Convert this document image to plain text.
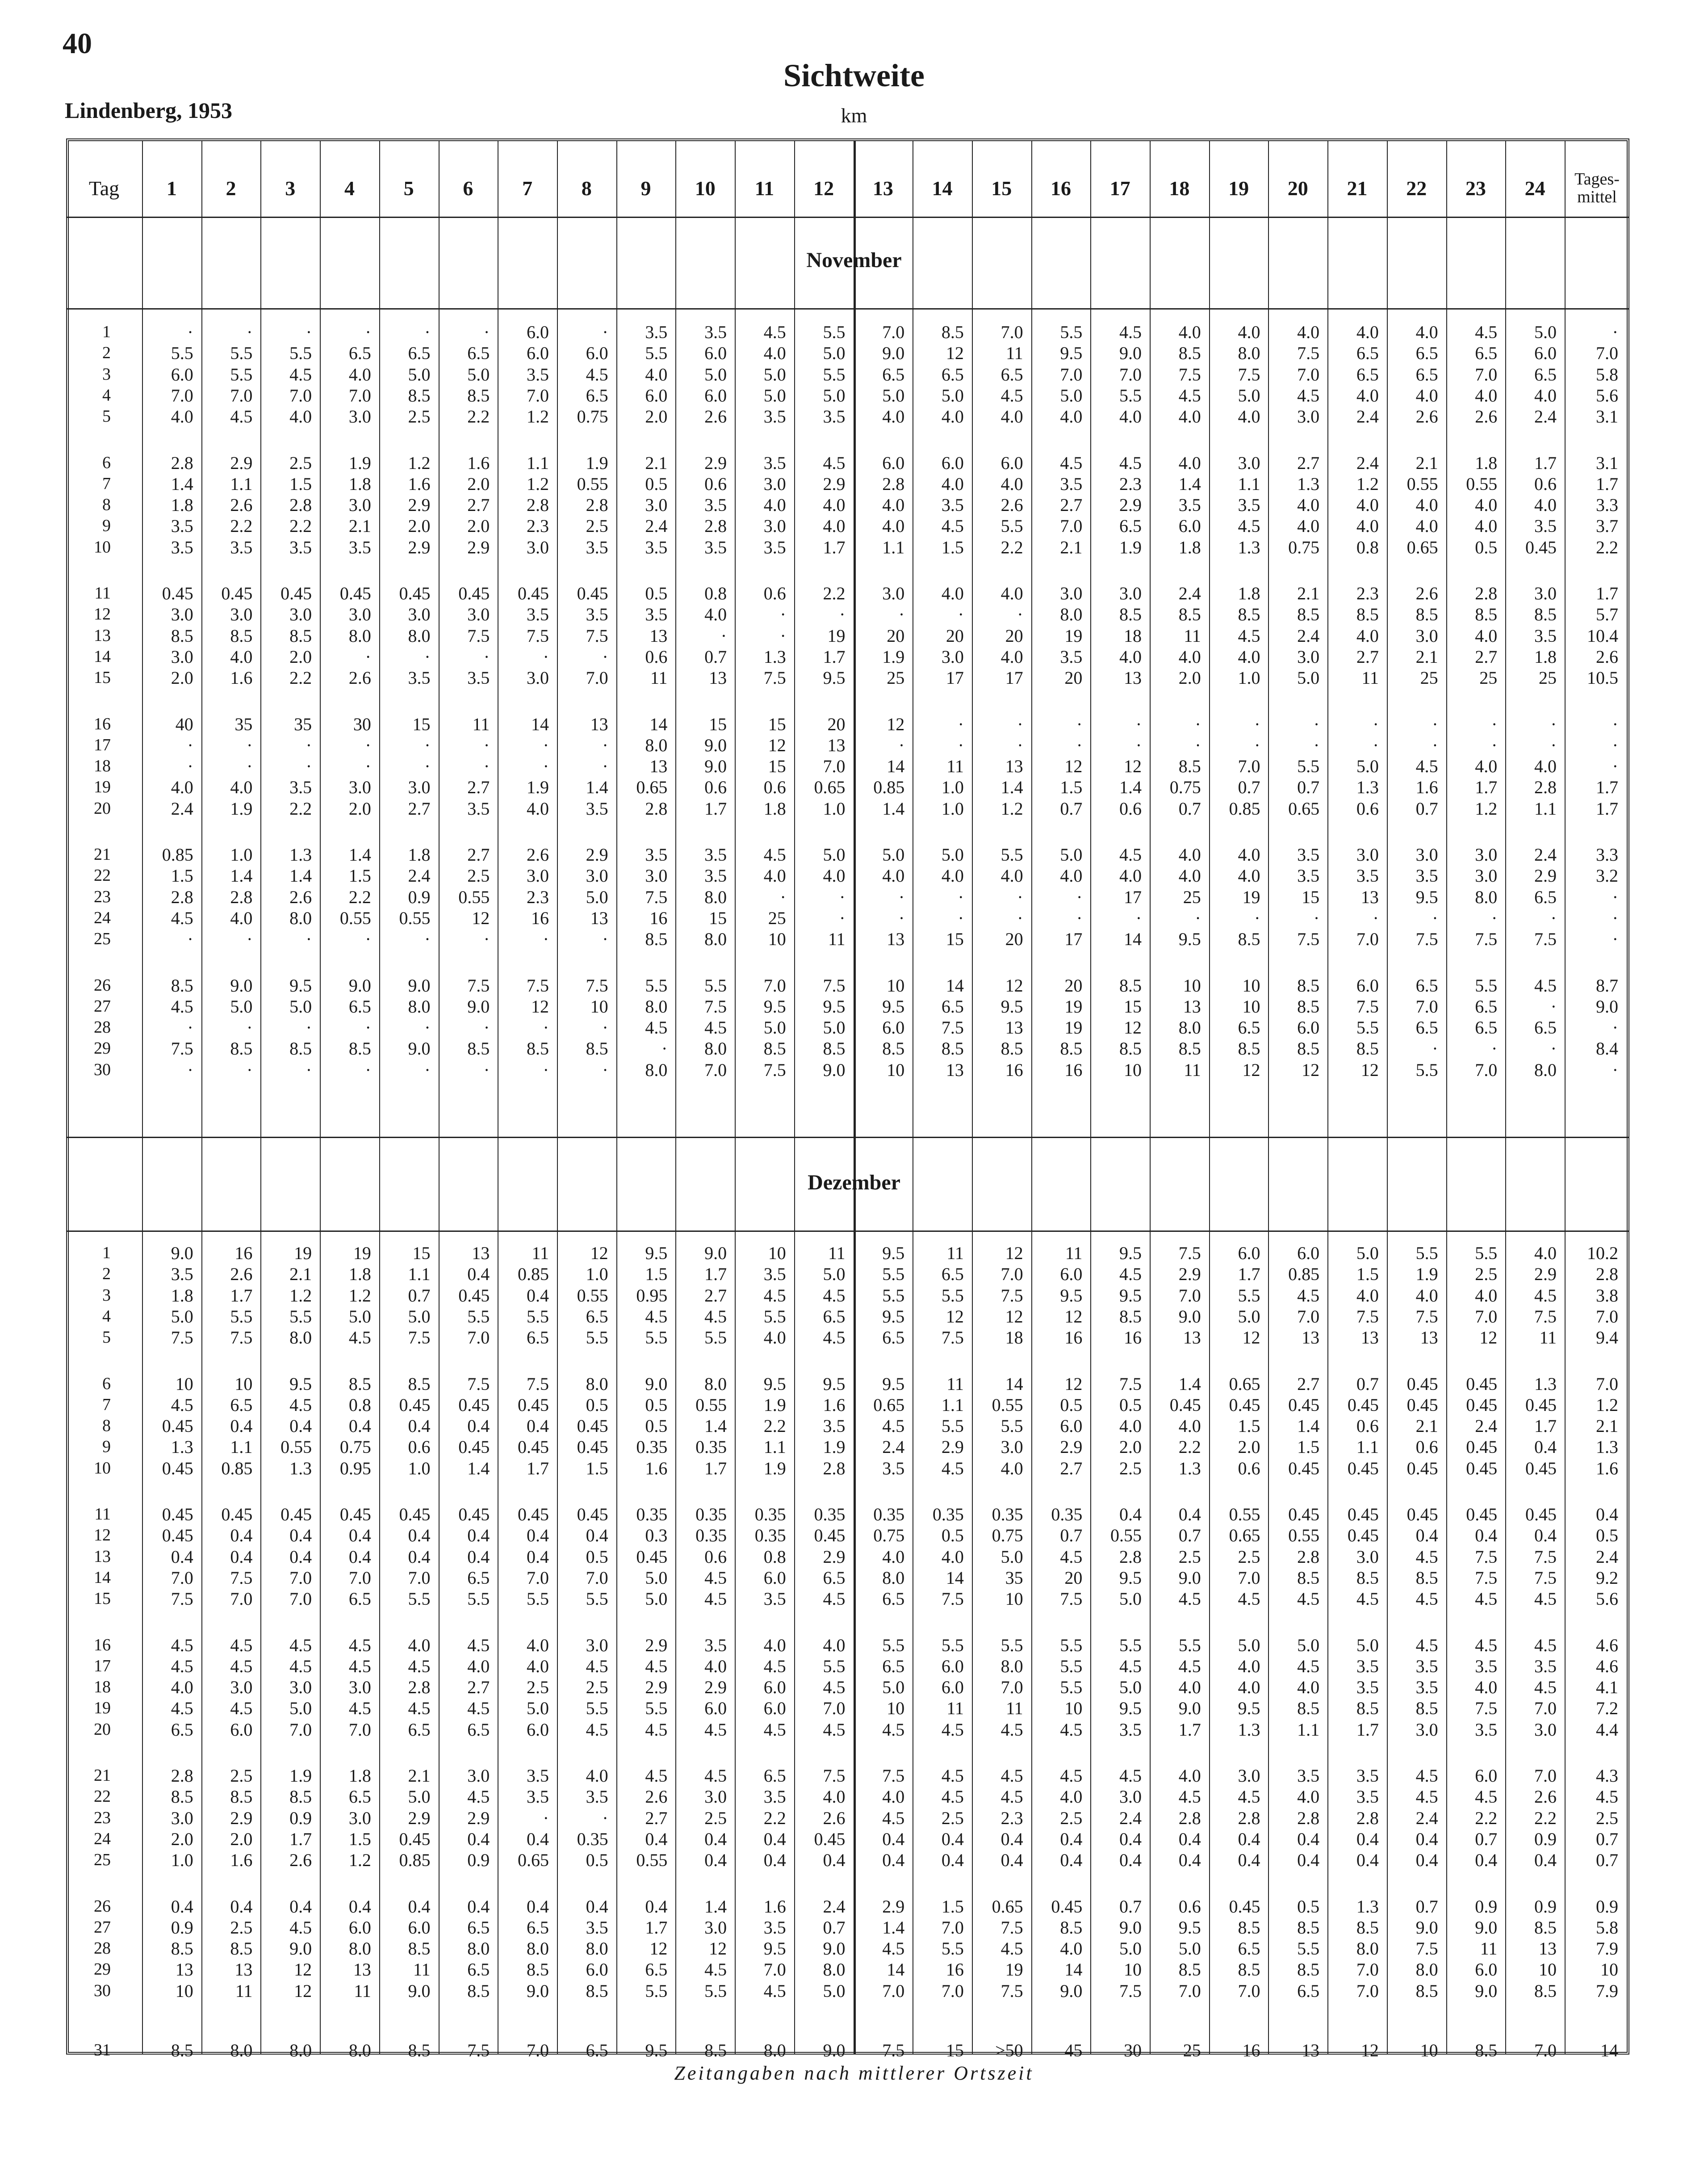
40
Sichtweite
Lindenberg, 1953	km
Zeitangaben nach mittlerer Ortszeit
Tag	1	2	3	4	5	6	7	8	9	10	11	12	13	14	15	16	17	18	19	20	21	22	23	24	Tages-
mittel
November
1	·	·	·	·	·	·	6.0	·	3.5	3.5	4.5	5.5	7.0	8.5	7.0	5.5	4.5	4.0	4.0	4.0	4.0	4.0	4.5	5.0	·
2	5.5	5.5	5.5	6.5	6.5	6.5	6.0	6.0	5.5	6.0	4.0	5.0	9.0	12	11	9.5	9.0	8.5	8.0	7.5	6.5	6.5	6.5	6.0	7.0
3	6.0	5.5	4.5	4.0	5.0	5.0	3.5	4.5	4.0	5.0	5.0	5.5	6.5	6.5	6.5	7.0	7.0	7.5	7.5	7.0	6.5	6.5	7.0	6.5	5.8
4	7.0	7.0	7.0	7.0	8.5	8.5	7.0	6.5	6.0	6.0	5.0	5.0	5.0	5.0	4.5	5.0	5.5	4.5	5.0	4.5	4.0	4.0	4.0	4.0	5.6
5	4.0	4.5	4.0	3.0	2.5	2.2	1.2	0.75	2.0	2.6	3.5	3.5	4.0	4.0	4.0	4.0	4.0	4.0	4.0	3.0	2.4	2.6	2.6	2.4	3.1
6	2.8	2.9	2.5	1.9	1.2	1.6	1.1	1.9	2.1	2.9	3.5	4.5	6.0	6.0	6.0	4.5	4.5	4.0	3.0	2.7	2.4	2.1	1.8	1.7	3.1
7	1.4	1.1	1.5	1.8	1.6	2.0	1.2	0.55	0.5	0.6	3.0	2.9	2.8	4.0	4.0	3.5	2.3	1.4	1.1	1.3	1.2	0.55	0.55	0.6	1.7
8	1.8	2.6	2.8	3.0	2.9	2.7	2.8	2.8	3.0	3.5	4.0	4.0	4.0	3.5	2.6	2.7	2.9	3.5	3.5	4.0	4.0	4.0	4.0	4.0	3.3
9	3.5	2.2	2.2	2.1	2.0	2.0	2.3	2.5	2.4	2.8	3.0	4.0	4.0	4.5	5.5	7.0	6.5	6.0	4.5	4.0	4.0	4.0	4.0	3.5	3.7
10	3.5	3.5	3.5	3.5	2.9	2.9	3.0	3.5	3.5	3.5	3.5	1.7	1.1	1.5	2.2	2.1	1.9	1.8	1.3	0.75	0.8	0.65	0.5	0.45	2.2
11	0.45	0.45	0.45	0.45	0.45	0.45	0.45	0.45	0.5	0.8	0.6	2.2	3.0	4.0	4.0	3.0	3.0	2.4	1.8	2.1	2.3	2.6	2.8	3.0	1.7
12	3.0	3.0	3.0	3.0	3.0	3.0	3.5	3.5	3.5	4.0	·	·	·	·	·	8.0	8.5	8.5	8.5	8.5	8.5	8.5	8.5	8.5	5.7
13	8.5	8.5	8.5	8.0	8.0	7.5	7.5	7.5	13	·	·	19	20	20	20	19	18	11	4.5	2.4	4.0	3.0	4.0	3.5	10.4
14	3.0	4.0	2.0	·	·	·	·	·	0.6	0.7	1.3	1.7	1.9	3.0	4.0	3.5	4.0	4.0	4.0	3.0	2.7	2.1	2.7	1.8	2.6
15	2.0	1.6	2.2	2.6	3.5	3.5	3.0	7.0	11	13	7.5	9.5	25	17	17	20	13	2.0	1.0	5.0	11	25	25	25	10.5
16	40	35	35	30	15	11	14	13	14	15	15	20	12	·	·	·	·	·	·	·	·	·	·	·	·
17	·	·	·	·	·	·	·	·	8.0	9.0	12	13	·	·	·	·	·	·	·	·	·	·	·	·	·
18	·	·	·	·	·	·	·	·	13	9.0	15	7.0	14	11	13	12	12	8.5	7.0	5.5	5.0	4.5	4.0	4.0	·
19	4.0	4.0	3.5	3.0	3.0	2.7	1.9	1.4	0.65	0.6	0.6	0.65	0.85	1.0	1.4	1.5	1.4	0.75	0.7	0.7	1.3	1.6	1.7	2.8	1.7
20	2.4	1.9	2.2	2.0	2.7	3.5	4.0	3.5	2.8	1.7	1.8	1.0	1.4	1.0	1.2	0.7	0.6	0.7	0.85	0.65	0.6	0.7	1.2	1.1	1.7
21	0.85	1.0	1.3	1.4	1.8	2.7	2.6	2.9	3.5	3.5	4.5	5.0	5.0	5.0	5.5	5.0	4.5	4.0	4.0	3.5	3.0	3.0	3.0	2.4	3.3
22	1.5	1.4	1.4	1.5	2.4	2.5	3.0	3.0	3.0	3.5	4.0	4.0	4.0	4.0	4.0	4.0	4.0	4.0	4.0	3.5	3.5	3.5	3.0	2.9	3.2
23	2.8	2.8	2.6	2.2	0.9	0.55	2.3	5.0	7.5	8.0	·	·	·	·	·	·	17	25	19	15	13	9.5	8.0	6.5	·
24	4.5	4.0	8.0	0.55	0.55	12	16	13	16	15	25	·	·	·	·	·	·	·	·	·	·	·	·	·	·
25	·	·	·	·	·	·	·	·	8.5	8.0	10	11	13	15	20	17	14	9.5	8.5	7.5	7.0	7.5	7.5	7.5	·
26	8.5	9.0	9.5	9.0	9.0	7.5	7.5	7.5	5.5	5.5	7.0	7.5	10	14	12	20	8.5	10	10	8.5	6.0	6.5	5.5	4.5	8.7
27	4.5	5.0	5.0	6.5	8.0	9.0	12	10	8.0	7.5	9.5	9.5	9.5	6.5	9.5	19	15	13	10	8.5	7.5	7.0	6.5	·	9.0
28	·	·	·	·	·	·	·	·	4.5	4.5	5.0	5.0	6.0	7.5	13	19	12	8.0	6.5	6.0	5.5	6.5	6.5	6.5	·
29	7.5	8.5	8.5	8.5	9.0	8.5	8.5	8.5	·	8.0	8.5	8.5	8.5	8.5	8.5	8.5	8.5	8.5	8.5	8.5	8.5	·	·	·	8.4
30	·	·	·	·	·	·	·	·	8.0	7.0	7.5	9.0	10	13	16	16	10	11	12	12	12	5.5	7.0	8.0	·
Dezember
1	9.0	16	19	19	15	13	11	12	9.5	9.0	10	11	9.5	11	12	11	9.5	7.5	6.0	6.0	5.0	5.5	5.5	4.0	10.2
2	3.5	2.6	2.1	1.8	1.1	0.4	0.85	1.0	1.5	1.7	3.5	5.0	5.5	6.5	7.0	6.0	4.5	2.9	1.7	0.85	1.5	1.9	2.5	2.9	2.8
3	1.8	1.7	1.2	1.2	0.7	0.45	0.4	0.55	0.95	2.7	4.5	4.5	5.5	5.5	7.5	9.5	9.5	7.0	5.5	4.5	4.0	4.0	4.0	4.5	3.8
4	5.0	5.5	5.5	5.0	5.0	5.5	5.5	6.5	4.5	4.5	5.5	6.5	9.5	12	12	12	8.5	9.0	5.0	7.0	7.5	7.5	7.0	7.5	7.0
5	7.5	7.5	8.0	4.5	7.5	7.0	6.5	5.5	5.5	5.5	4.0	4.5	6.5	7.5	18	16	16	13	12	13	13	13	12	11	9.4
6	10	10	9.5	8.5	8.5	7.5	7.5	8.0	9.0	8.0	9.5	9.5	9.5	11	14	12	7.5	1.4	0.65	2.7	0.7	0.45	0.45	1.3	7.0
7	4.5	6.5	4.5	0.8	0.45	0.45	0.45	0.5	0.5	0.55	1.9	1.6	0.65	1.1	0.55	0.5	0.5	0.45	0.45	0.45	0.45	0.45	0.45	0.45	1.2
8	0.45	0.4	0.4	0.4	0.4	0.4	0.4	0.45	0.5	1.4	2.2	3.5	4.5	5.5	5.5	6.0	4.0	4.0	1.5	1.4	0.6	2.1	2.4	1.7	2.1
9	1.3	1.1	0.55	0.75	0.6	0.45	0.45	0.45	0.35	0.35	1.1	1.9	2.4	2.9	3.0	2.9	2.0	2.2	2.0	1.5	1.1	0.6	0.45	0.4	1.3
10	0.45	0.85	1.3	0.95	1.0	1.4	1.7	1.5	1.6	1.7	1.9	2.8	3.5	4.5	4.0	2.7	2.5	1.3	0.6	0.45	0.45	0.45	0.45	0.45	1.6
11	0.45	0.45	0.45	0.45	0.45	0.45	0.45	0.45	0.35	0.35	0.35	0.35	0.35	0.35	0.35	0.35	0.4	0.4	0.55	0.45	0.45	0.45	0.45	0.45	0.4
12	0.45	0.4	0.4	0.4	0.4	0.4	0.4	0.4	0.3	0.35	0.35	0.45	0.75	0.5	0.75	0.7	0.55	0.7	0.65	0.55	0.45	0.4	0.4	0.4	0.5
13	0.4	0.4	0.4	0.4	0.4	0.4	0.4	0.5	0.45	0.6	0.8	2.9	4.0	4.0	5.0	4.5	2.8	2.5	2.5	2.8	3.0	4.5	7.5	7.5	2.4
14	7.0	7.5	7.0	7.0	7.0	6.5	7.0	7.0	5.0	4.5	6.0	6.5	8.0	14	35	20	9.5	9.0	7.0	8.5	8.5	8.5	7.5	7.5	9.2
15	7.5	7.0	7.0	6.5	5.5	5.5	5.5	5.5	5.0	4.5	3.5	4.5	6.5	7.5	10	7.5	5.0	4.5	4.5	4.5	4.5	4.5	4.5	4.5	5.6
16	4.5	4.5	4.5	4.5	4.0	4.5	4.0	3.0	2.9	3.5	4.0	4.0	5.5	5.5	5.5	5.5	5.5	5.5	5.0	5.0	5.0	4.5	4.5	4.5	4.6
17	4.5	4.5	4.5	4.5	4.5	4.0	4.0	4.5	4.5	4.0	4.5	5.5	6.5	6.0	8.0	5.5	4.5	4.5	4.0	4.5	3.5	3.5	3.5	3.5	4.6
18	4.0	3.0	3.0	3.0	2.8	2.7	2.5	2.5	2.9	2.9	6.0	4.5	5.0	6.0	7.0	5.5	5.0	4.0	4.0	4.0	3.5	3.5	4.0	4.5	4.1
19	4.5	4.5	5.0	4.5	4.5	4.5	5.0	5.5	5.5	6.0	6.0	7.0	10	11	11	10	9.5	9.0	9.5	8.5	8.5	8.5	7.5	7.0	7.2
20	6.5	6.0	7.0	7.0	6.5	6.5	6.0	4.5	4.5	4.5	4.5	4.5	4.5	4.5	4.5	4.5	3.5	1.7	1.3	1.1	1.7	3.0	3.5	3.0	4.4
21	2.8	2.5	1.9	1.8	2.1	3.0	3.5	4.0	4.5	4.5	6.5	7.5	7.5	4.5	4.5	4.5	4.5	4.0	3.0	3.5	3.5	4.5	6.0	7.0	4.3
22	8.5	8.5	8.5	6.5	5.0	4.5	3.5	3.5	2.6	3.0	3.5	4.0	4.0	4.5	4.5	4.0	3.0	4.5	4.5	4.0	3.5	4.5	4.5	2.6	4.5
23	3.0	2.9	0.9	3.0	2.9	2.9	·	·	2.7	2.5	2.2	2.6	4.5	2.5	2.3	2.5	2.4	2.8	2.8	2.8	2.8	2.4	2.2	2.2	2.5
24	2.0	2.0	1.7	1.5	0.45	0.4	0.4	0.35	0.4	0.4	0.4	0.45	0.4	0.4	0.4	0.4	0.4	0.4	0.4	0.4	0.4	0.4	0.7	0.9	0.7
25	1.0	1.6	2.6	1.2	0.85	0.9	0.65	0.5	0.55	0.4	0.4	0.4	0.4	0.4	0.4	0.4	0.4	0.4	0.4	0.4	0.4	0.4	0.4	0.4	0.7
26	0.4	0.4	0.4	0.4	0.4	0.4	0.4	0.4	0.4	1.4	1.6	2.4	2.9	1.5	0.65	0.45	0.7	0.6	0.45	0.5	1.3	0.7	0.9	0.9	0.9
27	0.9	2.5	4.5	6.0	6.0	6.5	6.5	3.5	1.7	3.0	3.5	0.7	1.4	7.0	7.5	8.5	9.0	9.5	8.5	8.5	8.5	9.0	9.0	8.5	5.8
28	8.5	8.5	9.0	8.0	8.5	8.0	8.0	8.0	12	12	9.5	9.0	4.5	5.5	4.5	4.0	5.0	5.0	6.5	5.5	8.0	7.5	11	13	7.9
29	13	13	12	13	11	6.5	8.5	6.0	6.5	4.5	7.0	8.0	14	16	19	14	10	8.5	8.5	8.5	7.0	8.0	6.0	10	10
30	10	11	12	11	9.0	8.5	9.0	8.5	5.5	5.5	4.5	5.0	7.0	7.0	7.5	9.0	7.5	7.0	7.0	6.5	7.0	8.5	9.0	8.5	7.9
31	8.5	8.0	8.0	8.0	8.5	7.5	7.0	6.5	9.5	8.5	8.0	9.0	7.5	15	>50	45	30	25	16	13	12	10	8.5	7.0	14
